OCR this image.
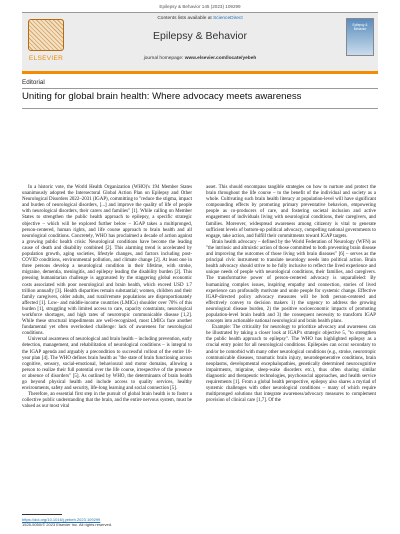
Epilepsy & Behavior 145 (2023) 109299
ELSEVIER
Contents lists available at ScienceDirect
Epilepsy & Behavior
journal homepage: www.elsevier.com/locate/yebeh
Epilepsy & Behavior
Editorial
Uniting for global brain health: Where advocacy meets awareness

In a historic vote, the World Health Organization (WHO)'s 194 Member States unanimously adopted the Intersectoral Global Action Plan on Epilepsy and Other Neurological Disorders 2022–2031 (IGAP), committing to "reduce the stigma, impact and burden of neurological disorders, [...] and improve the quality of life of people with neurological disorders, their carers and families" [1]. While calling on Member States to strengthen the public health approach to epilepsy, a specific strategic objective – which will be explored further below – IGAP takes a multipronged, person-centered, human rights, and life course approach to brain health and all neurological conditions. Concretely, WHO has proclaimed a decade of action against a growing public health crisis: Neurological conditions have become the leading cause of death and disability combined [2]. This alarming trend is accelerated by population growth, aging societies, lifestyle changes, and factors including post-COVID conditions, environmental pollution, and climate change [2]. At least one in three persons develop a neurological condition in their lifetime, with stroke, migraine, dementia, meningitis, and epilepsy leading the disability burden [2]. This pressing humanitarian challenge is aggravated by the staggering global economic costs associated with poor neurological and brain health, which exceed USD 1.7 trillion annually [3]. Health disparities remain substantial; women, children and their family caregivers, older adults, and rural/remote populations are disproportionately affected [1]. Low- and middle-income countries (LMICs) shoulder over 70% of this burden [1], struggling with limited access to care, capacity constraints, neurological workforce shortages, and high rates of neurotropic communicable disease [1,2]. While these structural impediments are well-recognized, most LMICs face another fundamental yet often overlooked challenge: lack of awareness for neurological conditions.

Universal awareness of neurological and brain health – including prevention, early detection, management, and rehabilitation of neurological conditions – is integral to the IGAP agenda and arguably a precondition to successful rollout of the entire 10-year plan [4]. The WHO defines brain health as "the state of brain functioning across cognitive, sensory, social-emotional, behavioural and motor domains, allowing a person to realize their full potential over the life course, irrespective of the presence or absence of disorders" [5]. As outlined by WHO, the determinants of brain health go beyond physical health and include access to quality services, healthy environments, safety and security, life-long learning and social connection [5].

Therefore, an essential first step in the pursuit of global brain health is to foster a collective public understanding that the brain, and the entire nervous system, must be valued as our most vital

asset. This should encompass tangible strategies on how to nurture and protect the brain throughout the life course – to the benefit of the individual and society as a whole. Cultivating such brain health literacy at population-level will have significant compounding effects by promoting primary preventative behaviors, empowering people as co-producers of care, and fostering societal inclusion and active engagement of individuals living with neurological conditions, their caregivers, and families. Moreover, widespread awareness among citizenry is vital to generate sufficient levels of bottom-up political advocacy, compelling national governments to engage, take action, and fulfill their commitments toward IGAP targets.

Brain health advocacy – defined by the World Federation of Neurology (WFN) as "the intrinsic and altruistic action of those committed to both preventing brain disease and improving the outcomes of those living with brain diseases" [6] – serves as the principal civic instrument to translate neurology needs into political action. Brain health advocacy should strive to be fully inclusive to reflect the lived experience and unique needs of people with neurological conditions, their families, and caregivers. The transformative power of person-centered advocacy is unparalleled: By humanizing complex issues, inspiring empathy and connection, stories of lived experience can profoundly motivate and unite people for systemic change. Effective IGAP-directed policy advocacy measures will be both person-centered and effectively convey to decision makers 1) the urgency to address the growing neurological disease burden, 2) the positive socioeconomic impacts of promoting population-level brain health and 3) the consequent necessity to transform IGAP concepts into actionable national neurological and brain health plans.

Example: The criticality for neurology to prioritize advocacy and awareness can be illustrated by taking a closer look at IGAP's strategic objective 5, "to strengthen the public health approach to epilepsy". The WHO has highlighted epilepsy as a crucial entry point for all neurological conditions. Epilepsies can occur secondary to and/or be comorbid with many other neurological conditions (e.g., stroke, neurotropic communicable diseases, traumatic brain injury, neurodegenerative conditions, brain neoplasms, developmental encephalopathies, genetically determined neurocognitive impairments, migraine, sleep-wake disorders etc.), thus often sharing similar diagnostic and therapeutic technologies, psychosocial approaches, and health service requirements [1]. From a global health perspective, epilepsy also shares a myriad of systemic challenges with other neurological conditions – many of which require multipronged solutions that integrate awareness/advocacy measures to complement provision of clinical care [1,7]. Of the

https://doi.org/10.1016/j.yebeh.2023.109299
1525-5050/© 2023 Elsevier Inc. All rights reserved.
